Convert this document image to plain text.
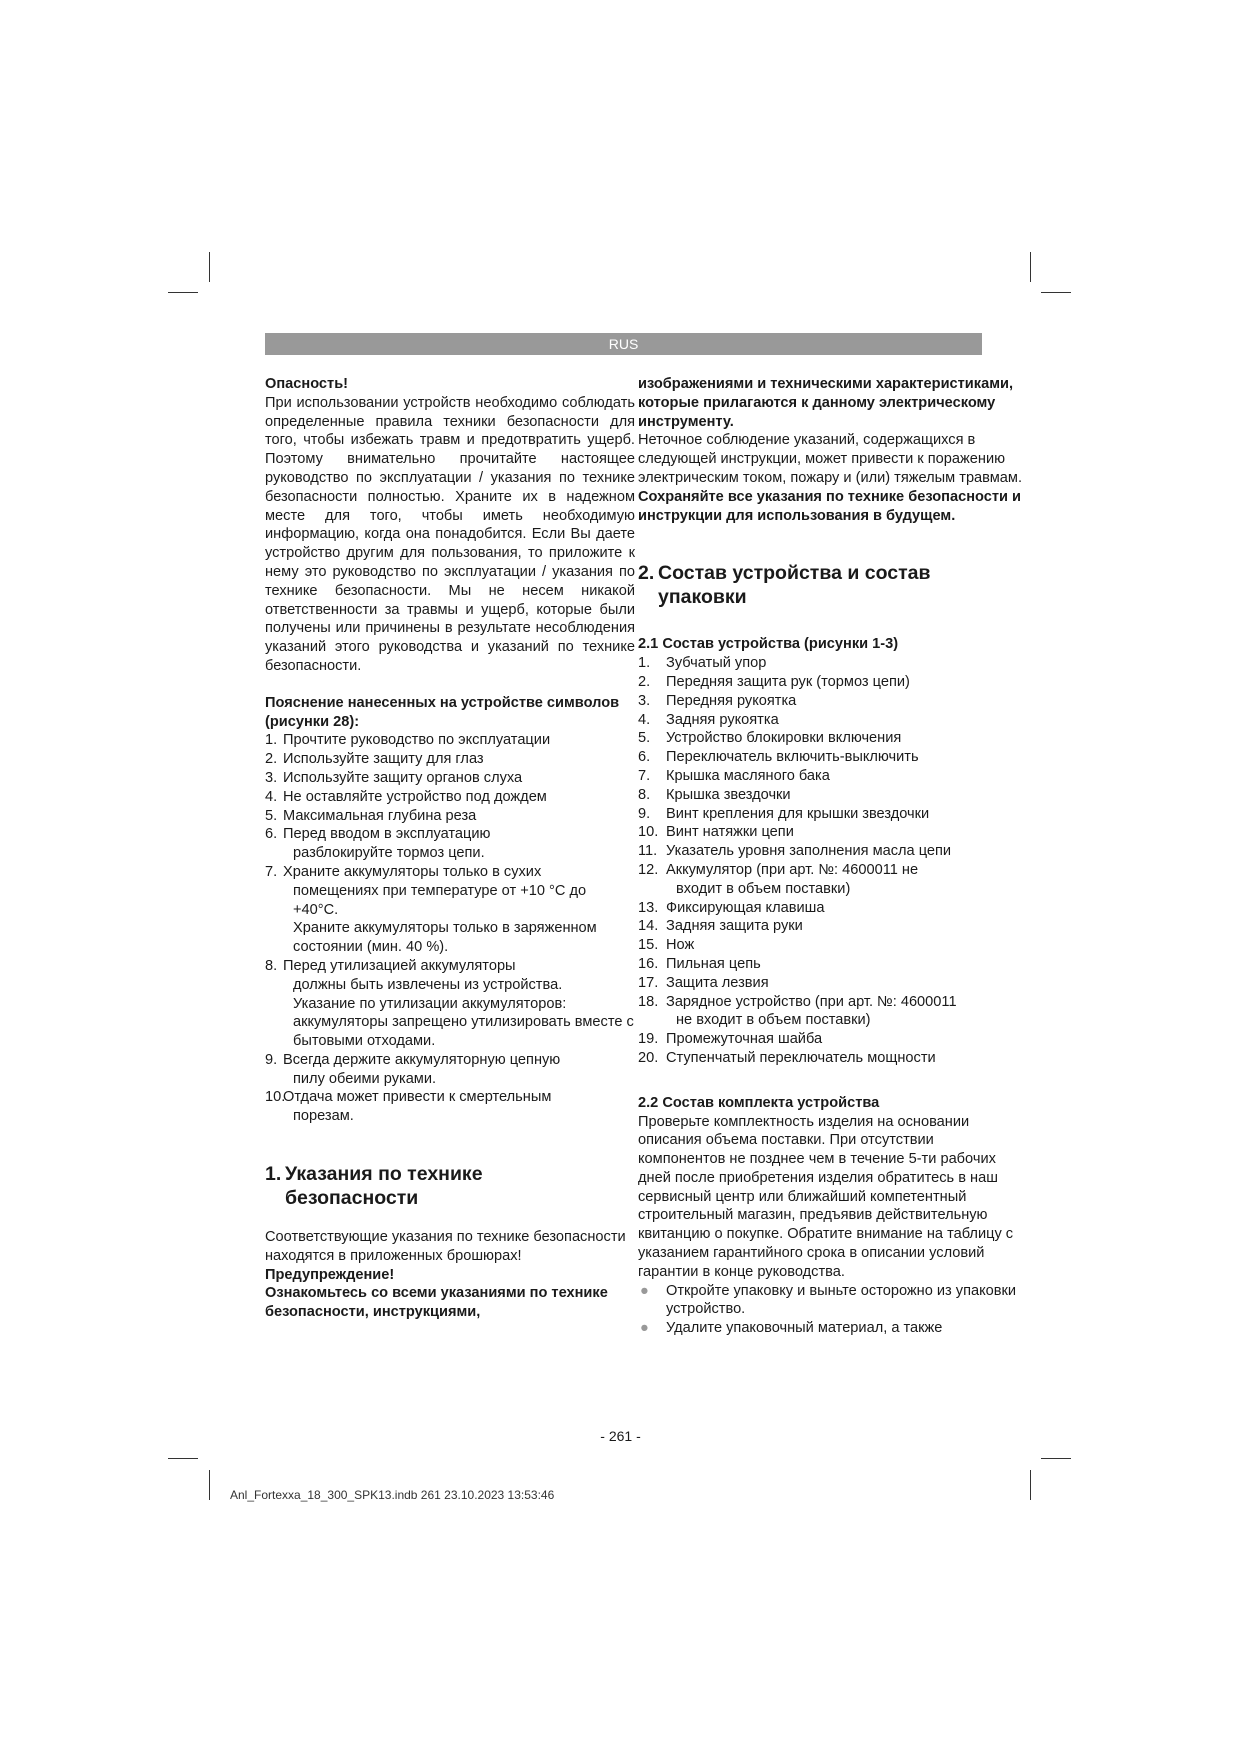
RUS

Опасность!

При использовании устройств необходимо соблюдать определенные правила техники безопасности для того, чтобы избежать травм и предотвратить ущерб. Поэтому внимательно прочитайте настоящее руководство по эксплуатации / указания по технике безопасности полностью. Храните их в надежном месте для того, чтобы иметь необходимую информацию, когда она понадобится. Если Вы даете устройство другим для пользования, то приложите к нему это руководство по эксплуатации / указания по технике безопасности. Мы не несем никакой ответственности за травмы и ущерб, которые были получены или причинены в результате несоблюдения указаний этого руководства и указаний по технике безопасности.

Пояснение нанесенных на устройстве символов (рисунки 28):

1. Прочтите руководство по эксплуатации
2. Используйте защиту для глаз
3. Используйте защиту органов слуха
4. Не оставляйте устройство под дождем
5. Максимальная глубина реза
6. Перед вводом в эксплуатацию
разблокируйте тормоз цепи.
7. Храните аккумуляторы только в сухих
помещениях при температуре от +10 °C до +40°C.
Храните аккумуляторы только в заряженном состоянии (мин. 40 %).
8. Перед утилизацией аккумуляторы
должны быть извлечены из устройства.
Указание по утилизации аккумуляторов: аккумуляторы запрещено утилизировать вместе с бытовыми отходами.
9. Всегда держите аккумуляторную цепную
пилу обеими руками.
10.
Отдача может привести к смертельным
порезам.
1. Указания по технике
безопасности

Соответствующие указания по технике безопасности находятся в приложенных брошюрах!

Предупреждение!

Ознакомьтесь со всеми указаниями по технике безопасности, инструкциями,

изображениями и техническими характеристиками, которые прилагаются к данному электрическому инструменту.

Неточное соблюдение указаний, содержащихся в следующей инструкции, может привести к поражению электрическим током, пожару и (или) тяжелым травмам.

Сохраняйте все указания по технике безопасности и инструкции для использования в будущем.

2. Состав устройства и состав
упаковки

2.1 Состав устройства (рисунки 1-3)

1. Зубчатый упор
2. Передняя защита рук (тормоз цепи)
3. Передняя рукоятка
4. Задняя рукоятка
5. Устройство блокировки включения
6. Переключатель включить-выключить
7. Крышка масляного бака
8. Крышка звездочки
9. Винт крепления для крышки звездочки
10. Винт натяжки цепи
11. Указатель уровня заполнения масла цепи
12. Аккумулятор (при арт. №: 4600011 не
входит в объем поставки)
13. Фиксирующая клавиша
14. Задняя защита руки
15. Нож
16. Пильная цепь
17. Защита лезвия
18. Зарядное устройство (при арт. №: 4600011
не входит в объем поставки)
19. Промежуточная шайба
20. Ступенчатый переключатель мощности

2.2 Состав комплекта устройства

Проверьте комплектность изделия на основании описания объема поставки. При отсутствии компонентов не позднее чем в течение 5-ти рабочих дней после приобретения изделия обратитесь в наш сервисный центр или ближайший компетентный строительный магазин, предъявив действительную квитанцию о покупке. Обратите внимание на таблицу с указанием гарантийного срока в описании условий гарантии в конце руководства.

● Откройте упаковку и выньте осторожно из упаковки устройство.
● Удалите упаковочный материал, а также
- 261 -
Anl_Fortexxa_18_300_SPK13.indb 261 23.10.2023 13:53:46
